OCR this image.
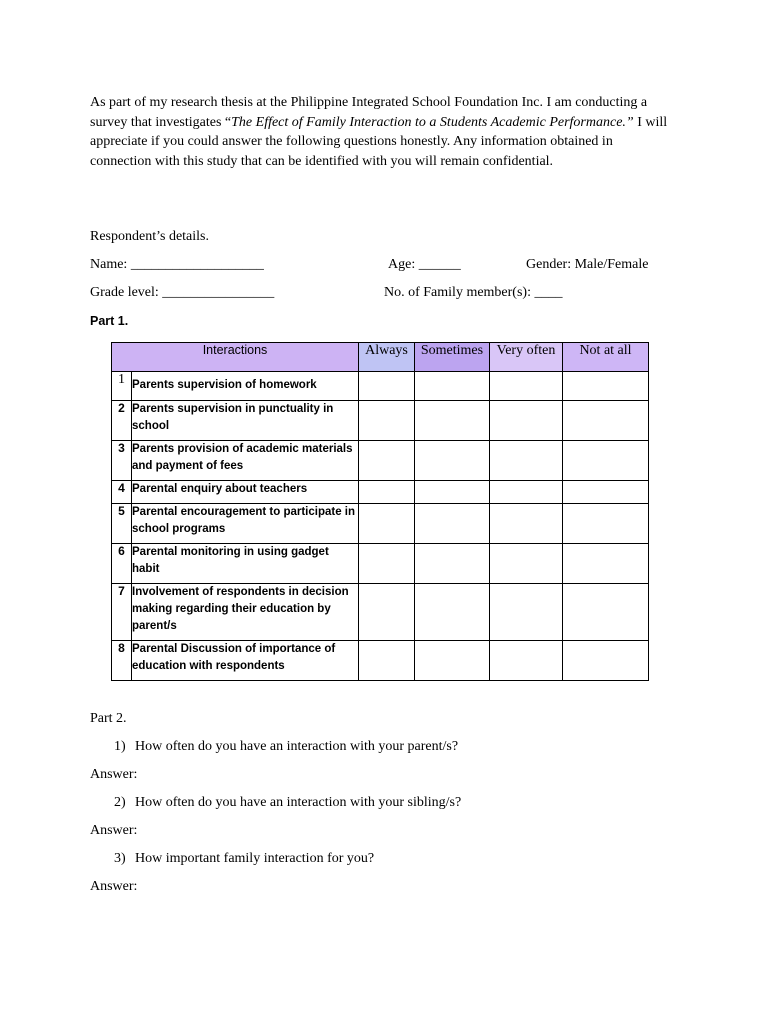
As part of my research thesis at the Philippine Integrated School Foundation Inc. I am conducting a survey that investigates “The Effect of Family Interaction to a Students Academic Performance.” I will appreciate if you could answer the following questions honestly. Any information obtained in connection with this study that can be identified with you will remain confidential.
Respondent’s details.
Name: ___________________	Age: ______	Gender: Male/Female
Grade level: ________________	No. of Family member(s): ____
Part 1.
Interactions		Always	Sometimes	Very often	Not at all
1	Parents supervision of homework				
2	Parents supervision in punctuality in school				
3	Parents provision of academic materials and payment of fees				
4	Parental enquiry about teachers				
5	Parental encouragement to participate in school programs				
6	Parental monitoring in using gadget habit				
7	Involvement of respondents in decision making regarding their education by parent/s				
8	Parental Discussion of importance of education with respondents				
Part 2.
1) How often do you have an interaction with your parent/s?
Answer:
2) How often do you have an interaction with your sibling/s?
Answer:
3) How important family interaction for you?
Answer:
